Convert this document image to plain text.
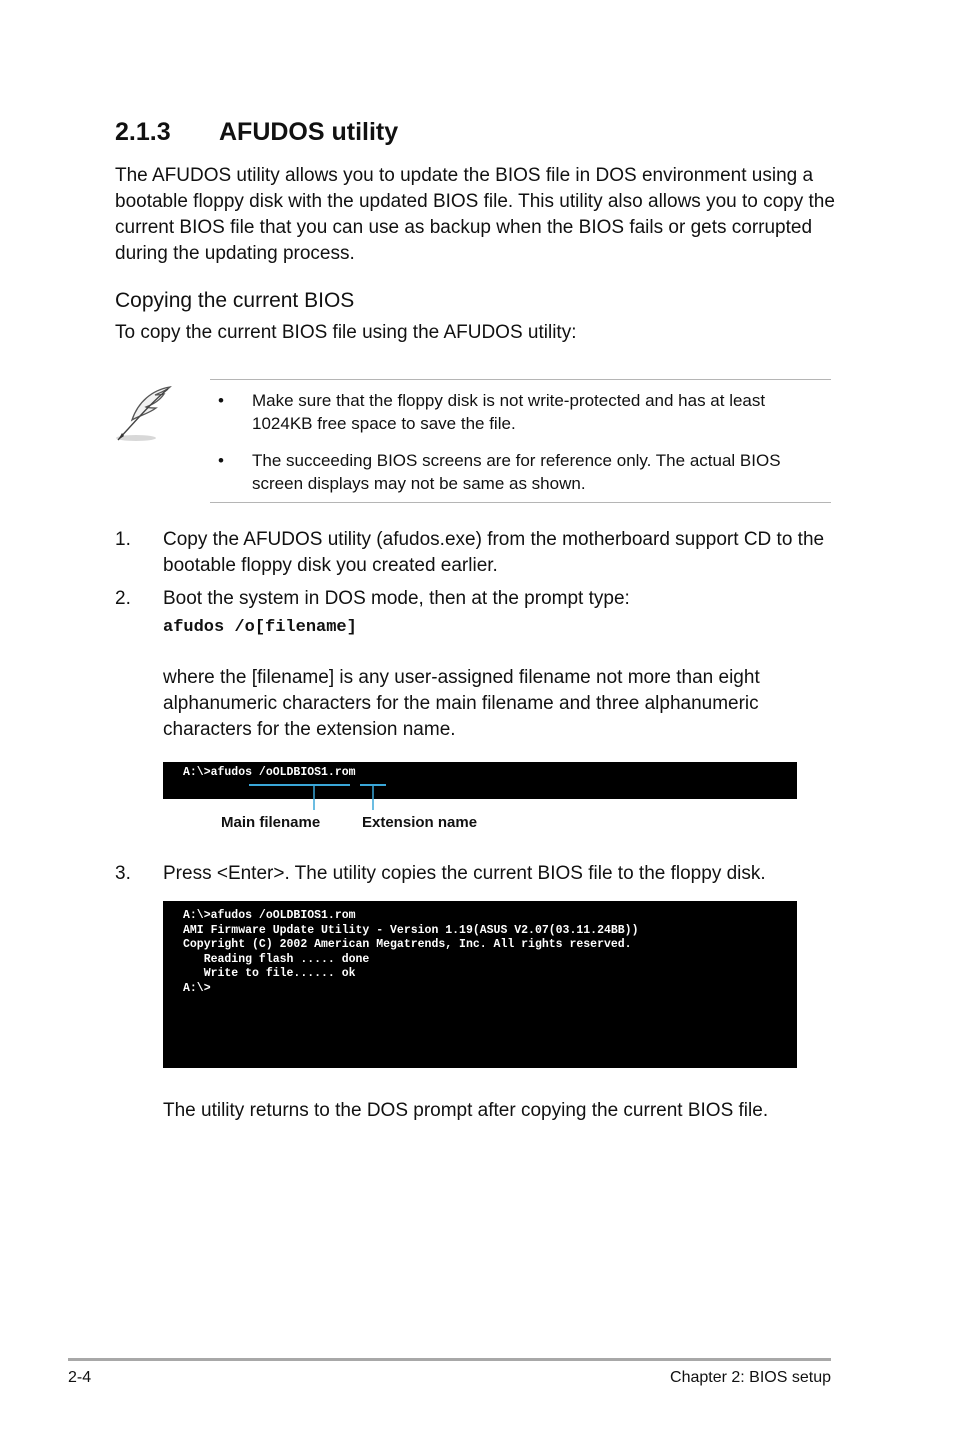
2.1.3 AFUDOS utility

The AFUDOS utility allows you to update the BIOS file in DOS environment using a bootable floppy disk with the updated BIOS file. This utility also allows you to copy the current BIOS file that you can use as backup when the BIOS fails or gets corrupted during the updating process.

Copying the current BIOS
To copy the current BIOS file using the AFUDOS utility:
• Make sure that the floppy disk is not write-protected and has at least 1024KB free space to save the file.
• The succeeding BIOS screens are for reference only. The actual BIOS screen displays may not be same as shown.
1. Copy the AFUDOS utility (afudos.exe) from the motherboard support CD to the bootable floppy disk you created earlier.
2. Boot the system in DOS mode, then at the prompt type:
afudos /o[filename]
where the [filename] is any user-assigned filename not more than eight alphanumeric characters for the main filename and three alphanumeric characters for the extension name.
A:\>afudos /oOLDBIOS1.rom
Main filename	Extension name
3. Press <Enter>. The utility copies the current BIOS file to the floppy disk.
A:\>afudos /oOLDBIOS1.rom
AMI Firmware Update Utility - Version 1.19(ASUS V2.07(03.11.24BB))
Copyright (C) 2002 American Megatrends, Inc. All rights reserved.
Reading flash ..... done
Write to file...... ok
A:\>
The utility returns to the DOS prompt after copying the current BIOS file.
2-4	Chapter 2: BIOS setup
